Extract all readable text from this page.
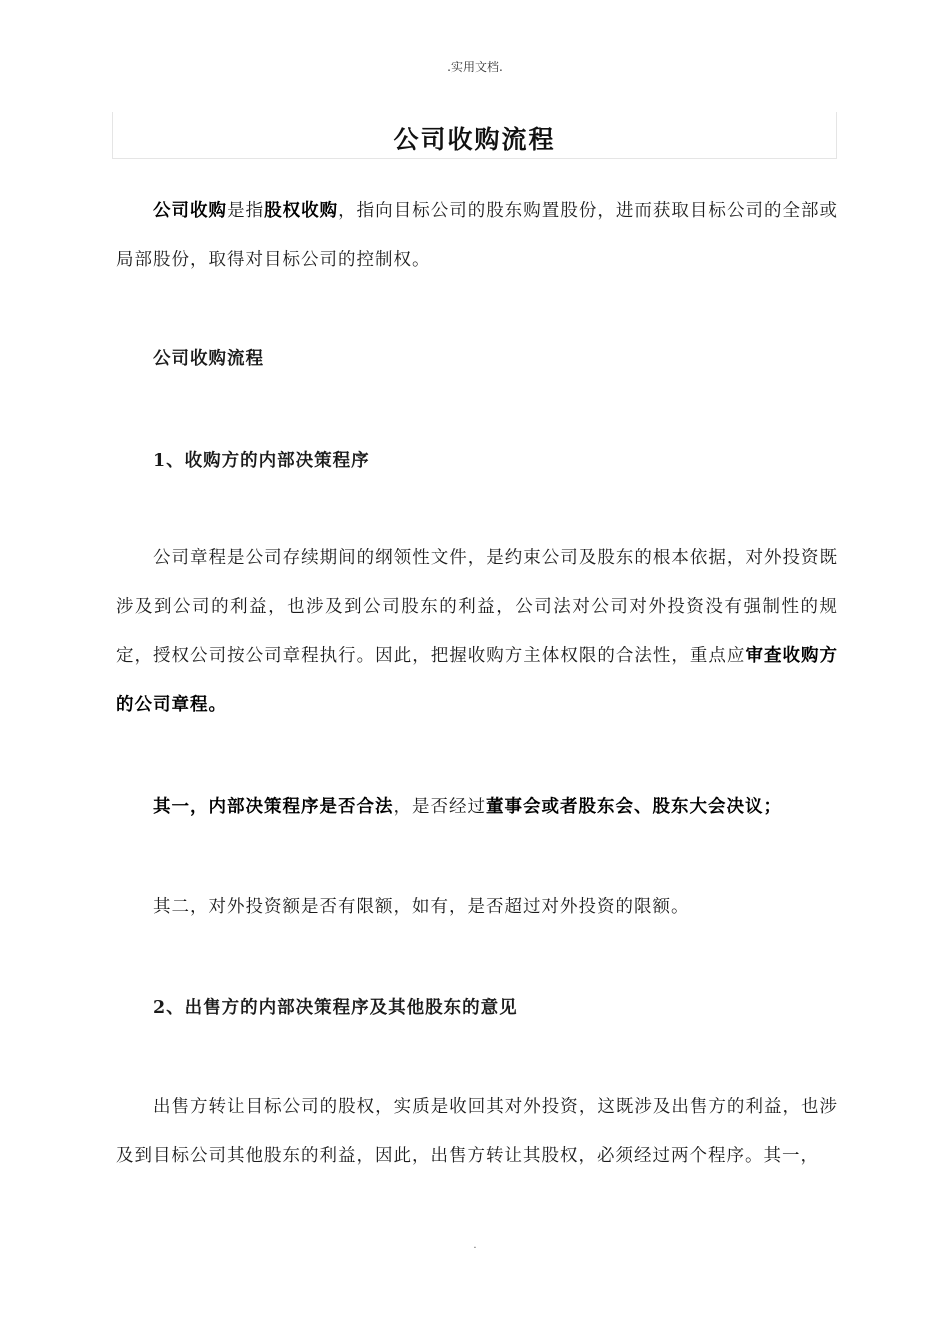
.实用文档.
公司收购流程

公司收购是指股权收购，指向目标公司的股东购置股份，进而获取目标公司的全部或局部股份，取得对目标公司的控制权。

公司收购流程
1、收购方的内部决策程序

公司章程是公司存续期间的纲领性文件，是约束公司及股东的根本依据，对外投资既涉及到公司的利益，也涉及到公司股东的利益，公司法对公司对外投资没有强制性的规定，授权公司按公司章程执行。因此，把握收购方主体权限的合法性，重点应审查收购方的公司章程。

其一，内部决策程序是否合法，是否经过董事会或者股东会、股东大会决议；

其二，对外投资额是否有限额，如有，是否超过对外投资的限额。

2、出售方的内部决策程序及其他股东的意见

出售方转让目标公司的股权，实质是收回其对外投资，这既涉及出售方的利益，也涉及到目标公司其他股东的利益，因此，出售方转让其股权，必须经过两个程序。其一，

.
